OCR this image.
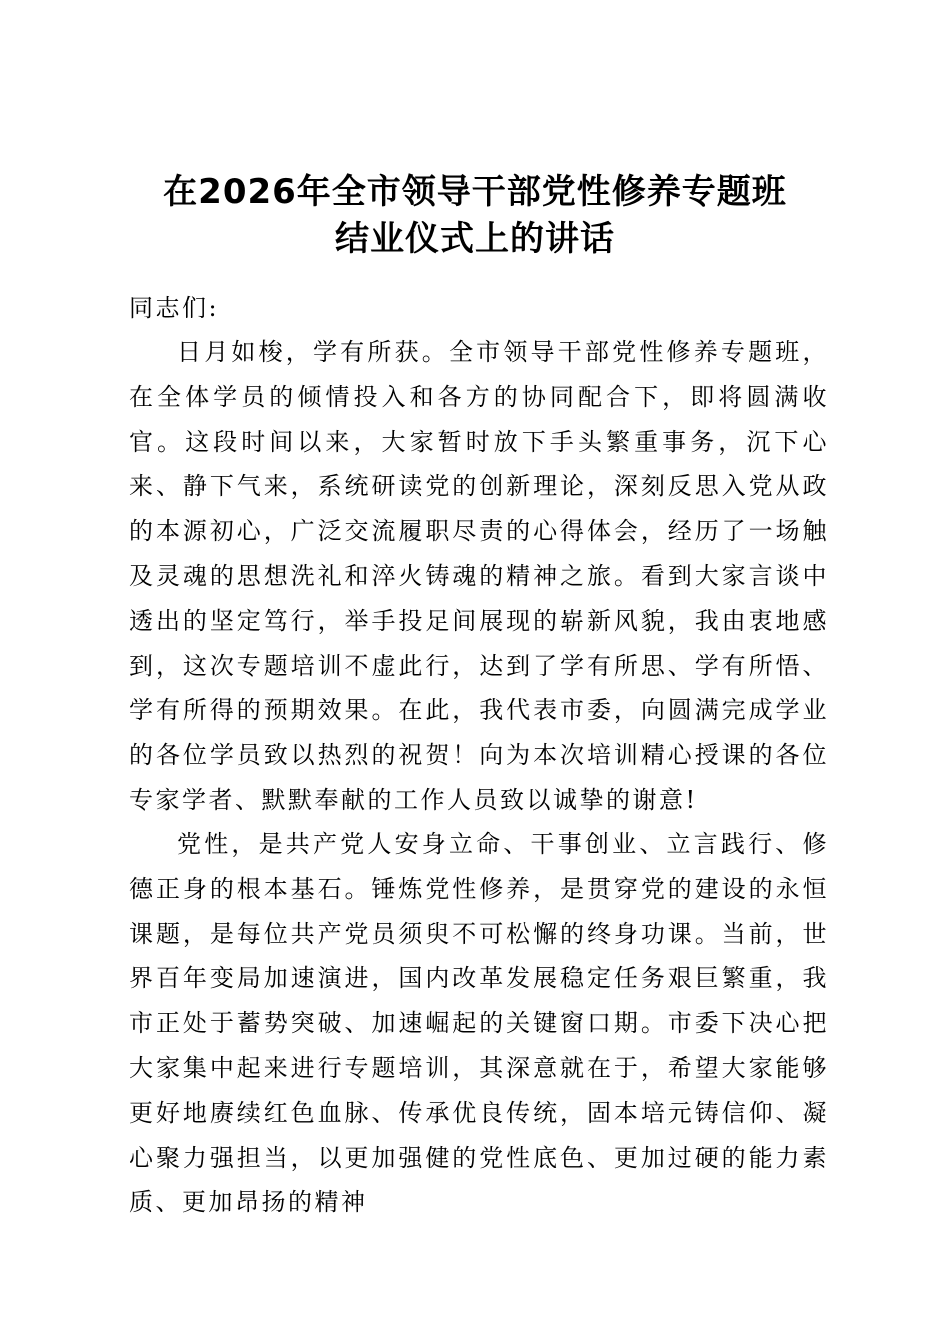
在2026年全市领导干部党性修养专题班
结业仪式上的讲话

同志们:

日月如梭，学有所获。全市领导干部党性修养专题班，在全体学员的倾情投入和各方的协同配合下，即将圆满收官。这段时间以来，大家暂时放下手头繁重事务，沉下心来、静下气来，系统研读党的创新理论，深刻反思入党从政的本源初心，广泛交流履职尽责的心得体会，经历了一场触及灵魂的思想洗礼和淬火铸魂的精神之旅。看到大家言谈中透出的坚定笃行，举手投足间展现的崭新风貌，我由衷地感到，这次专题培训不虚此行，达到了学有所思、学有所悟、学有所得的预期效果。在此，我代表市委，向圆满完成学业的各位学员致以热烈的祝贺！向为本次培训精心授课的各位专家学者、默默奉献的工作人员致以诚挚的谢意!

党性，是共产党人安身立命、干事创业、立言践行、修德正身的根本基石。锤炼党性修养，是贯穿党的建设的永恒课题，是每位共产党员须臾不可松懈的终身功课。当前，世界百年变局加速演进，国内改革发展稳定任务艰巨繁重，我市正处于蓄势突破、加速崛起的关键窗口期。市委下决心把大家集中起来进行专题培训，其深意就在于，希望大家能够更好地赓续红色血脉、传承优良传统，固本培元铸信仰、凝心聚力强担当，以更加强健的党性底色、更加过硬的能力素质、更加昂扬的精神
